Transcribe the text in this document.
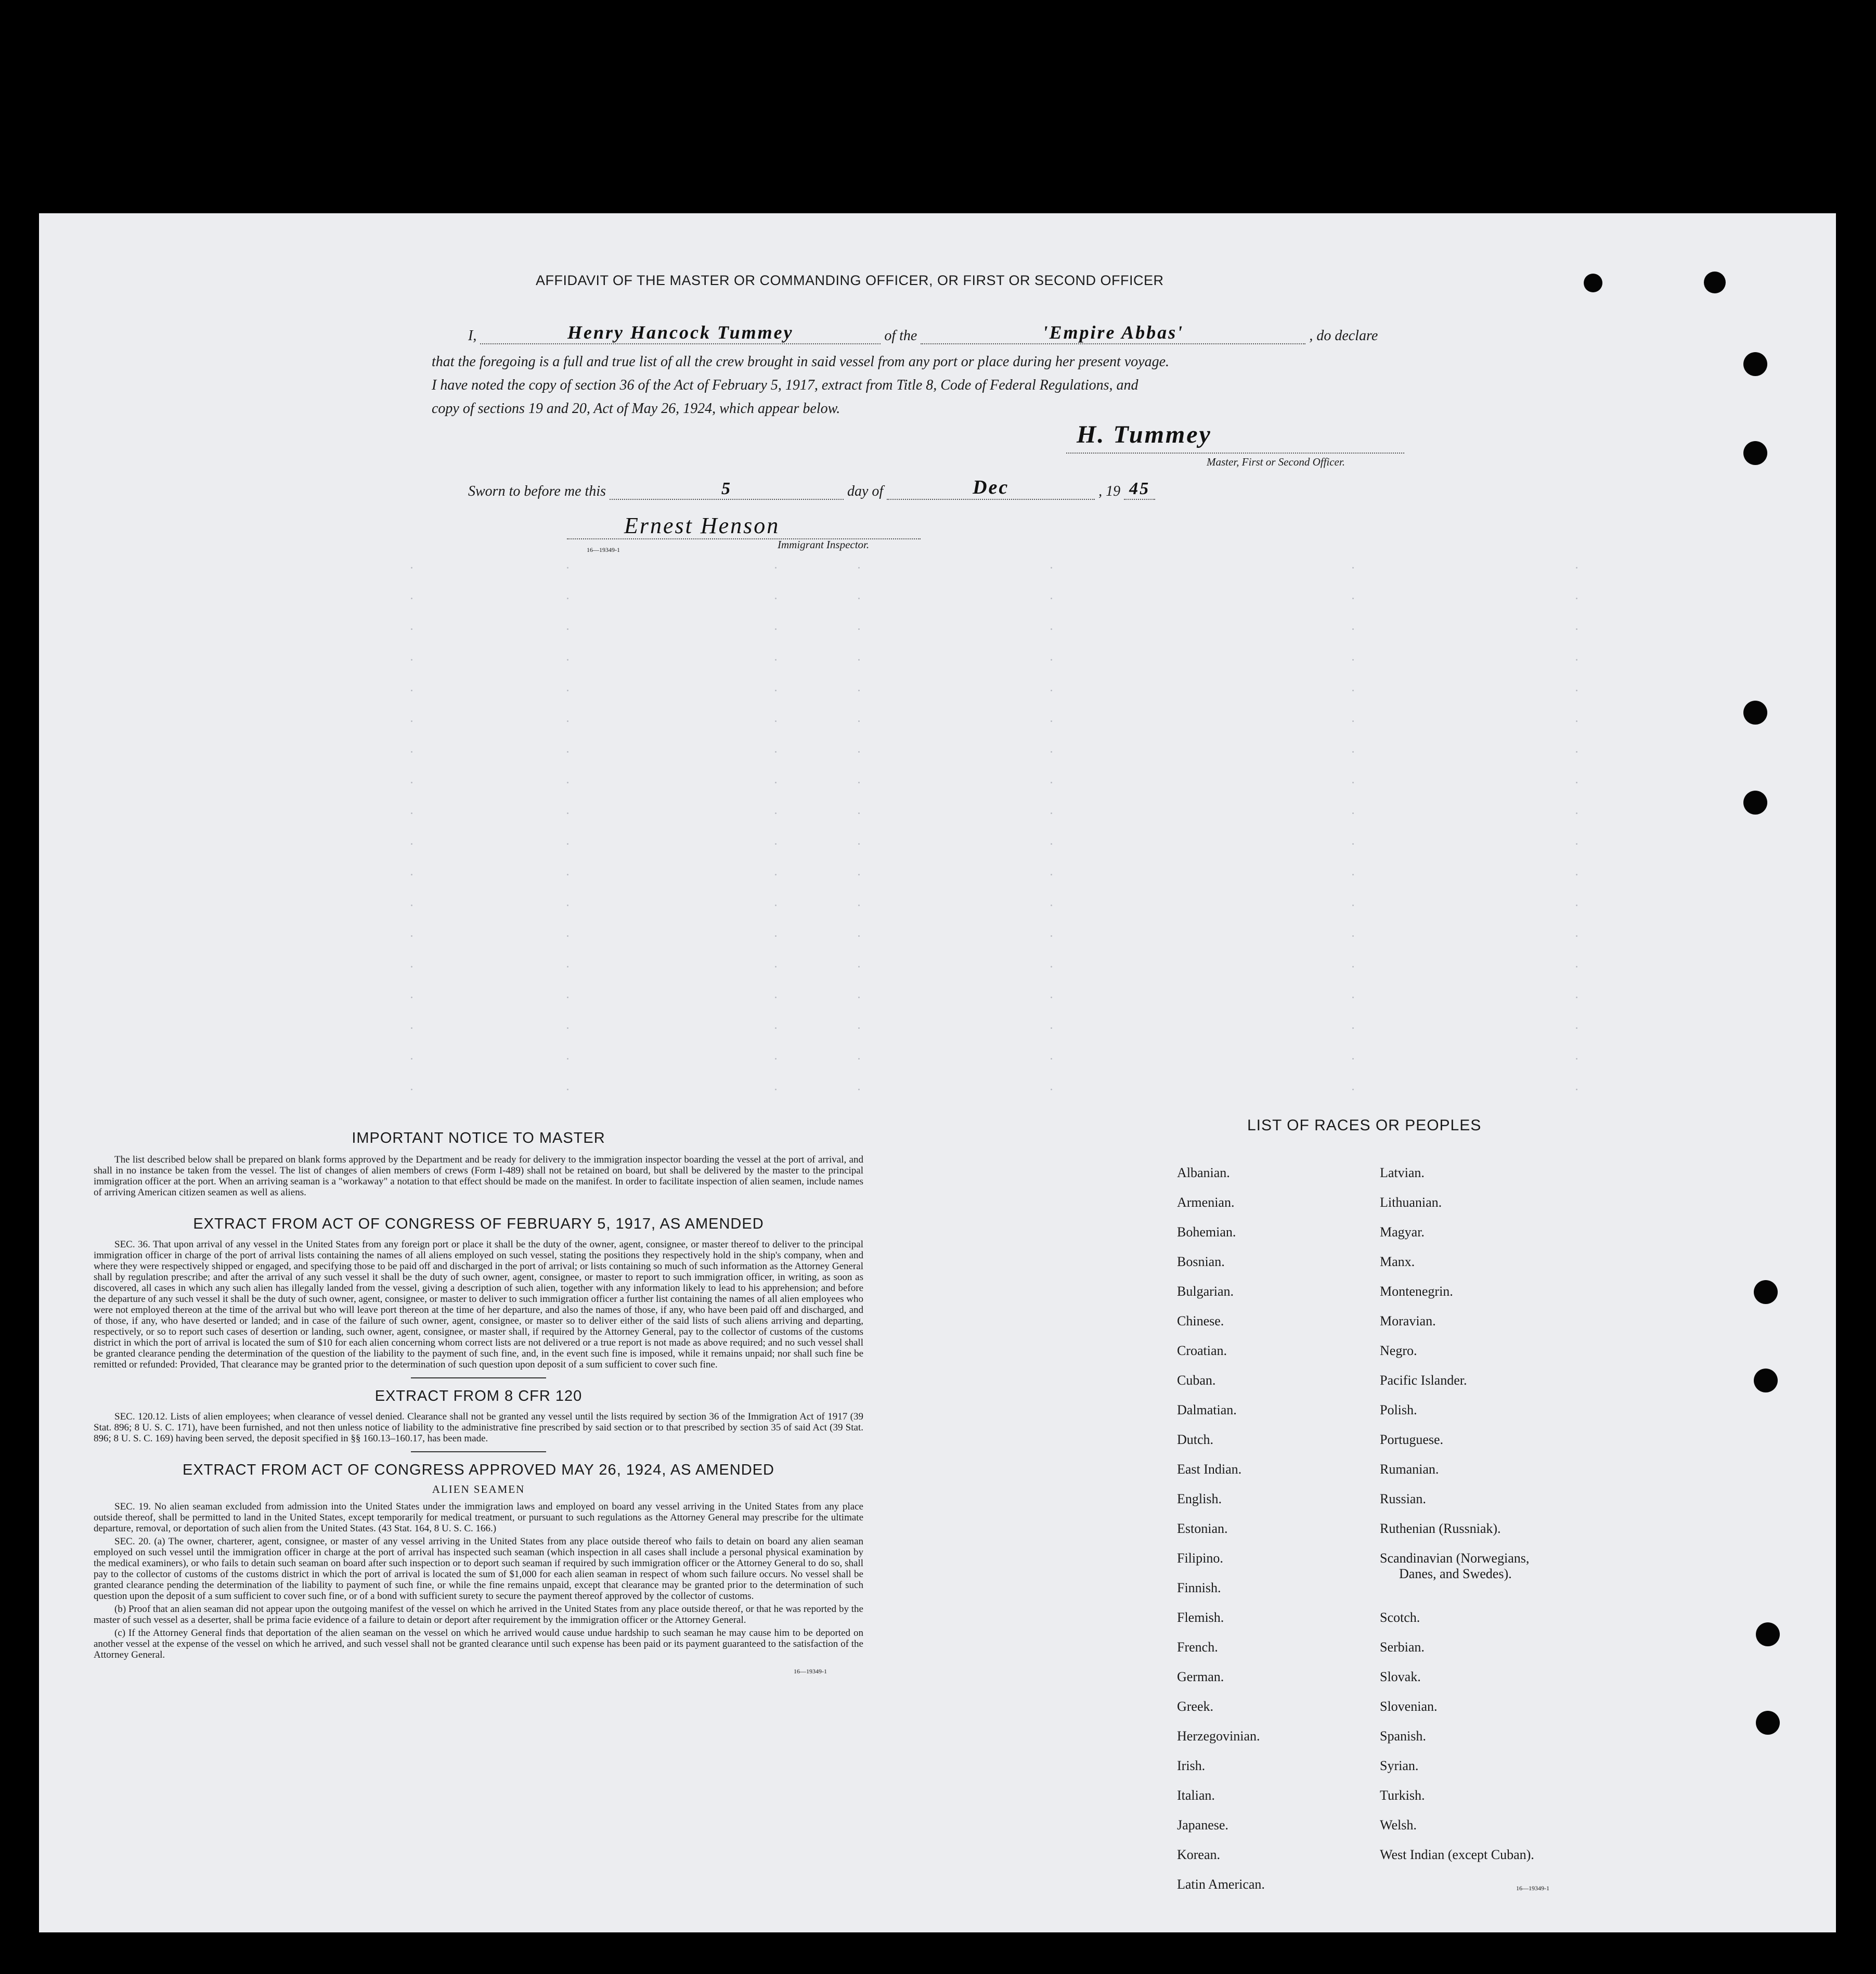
AFFIDAVIT OF THE MASTER OR COMMANDING OFFICER, OR FIRST OR SECOND OFFICER
I,	Henry Hancock Tummey	of the	'Empire Abbas'	, do declare
that the foregoing is a full and true list of all the crew brought in said vessel from any port or place during her present voyage.
I have noted the copy of section 36 of the Act of February 5, 1917, extract from Title 8, Code of Federal Regulations, and
copy of sections 19 and 20, Act of May 26, 1924, which appear below.
H. Tummey
Master, First or Second Officer.
Sworn to before me this	5	day of	Dec	, 19 45
Ernest Henson
16—19349-1	Immigrant Inspector.
IMPORTANT NOTICE TO MASTER

The list described below shall be prepared on blank forms approved by the Department and be ready for delivery to the immigration inspector boarding the vessel at the port of arrival, and shall in no instance be taken from the vessel. The list of changes of alien members of crews (Form I-489) shall not be retained on board, but shall be delivered by the master to the principal immigration officer at the port. When an arriving seaman is a "workaway" a notation to that effect should be made on the manifest. In order to facilitate inspection of alien seamen, include names of arriving American citizen seamen as well as aliens.

EXTRACT FROM ACT OF CONGRESS OF FEBRUARY 5, 1917, AS AMENDED

SEC. 36. That upon arrival of any vessel in the United States from any foreign port or place it shall be the duty of the owner, agent, consignee, or master thereof to deliver to the principal immigration officer in charge of the port of arrival lists containing the names of all aliens employed on such vessel, stating the positions they respectively hold in the ship's company, when and where they were respectively shipped or engaged, and specifying those to be paid off and discharged in the port of arrival; or lists containing so much of such information as the Attorney General shall by regulation prescribe; and after the arrival of any such vessel it shall be the duty of such owner, agent, consignee, or master to report to such immigration officer, in writing, as soon as discovered, all cases in which any such alien has illegally landed from the vessel, giving a description of such alien, together with any information likely to lead to his apprehension; and before the departure of any such vessel it shall be the duty of such owner, agent, consignee, or master to deliver to such immigration officer a further list containing the names of all alien employees who were not employed thereon at the time of the arrival but who will leave port thereon at the time of her departure, and also the names of those, if any, who have been paid off and discharged, and of those, if any, who have deserted or landed; and in case of the failure of such owner, agent, consignee, or master so to deliver either of the said lists of such aliens arriving and departing, respectively, or so to report such cases of desertion or landing, such owner, agent, consignee, or master shall, if required by the Attorney General, pay to the collector of customs of the customs district in which the port of arrival is located the sum of $10 for each alien concerning whom correct lists are not delivered or a true report is not made as above required; and no such vessel shall be granted clearance pending the determination of the question of the liability to the payment of such fine, and, in the event such fine is imposed, while it remains unpaid; nor shall such fine be remitted or refunded: Provided, That clearance may be granted prior to the determination of such question upon deposit of a sum sufficient to cover such fine.

EXTRACT FROM 8 CFR 120

SEC. 120.12. Lists of alien employees; when clearance of vessel denied. Clearance shall not be granted any vessel until the lists required by section 36 of the Immigration Act of 1917 (39 Stat. 896; 8 U. S. C. 171), have been furnished, and not then unless notice of liability to the administrative fine prescribed by said section or to that prescribed by section 35 of said Act (39 Stat. 896; 8 U. S. C. 169) having been served, the deposit specified in §§ 160.13–160.17, has been made.

EXTRACT FROM ACT OF CONGRESS APPROVED MAY 26, 1924, AS AMENDED
ALIEN SEAMEN

SEC. 19. No alien seaman excluded from admission into the United States under the immigration laws and employed on board any vessel arriving in the United States from any place outside thereof, shall be permitted to land in the United States, except temporarily for medical treatment, or pursuant to such regulations as the Attorney General may prescribe for the ultimate departure, removal, or deportation of such alien from the United States. (43 Stat. 164, 8 U. S. C. 166.)

SEC. 20. (a) The owner, charterer, agent, consignee, or master of any vessel arriving in the United States from any place outside thereof who fails to detain on board any alien seaman employed on such vessel until the immigration officer in charge at the port of arrival has inspected such seaman (which inspection in all cases shall include a personal physical examination by the medical examiners), or who fails to detain such seaman on board after such inspection or to deport such seaman if required by such immigration officer or the Attorney General to do so, shall pay to the collector of customs of the customs district in which the port of arrival is located the sum of $1,000 for each alien seaman in respect of whom such failure occurs. No vessel shall be granted clearance pending the determination of the liability to payment of such fine, or while the fine remains unpaid, except that clearance may be granted prior to the determination of such question upon the deposit of a sum sufficient to cover such fine, or of a bond with sufficient surety to secure the payment thereof approved by the collector of customs.

(b) Proof that an alien seaman did not appear upon the outgoing manifest of the vessel on which he arrived in the United States from any place outside thereof, or that he was reported by the master of such vessel as a deserter, shall be prima facie evidence of a failure to detain or deport after requirement by the immigration officer or the Attorney General.

(c) If the Attorney General finds that deportation of the alien seaman on the vessel on which he arrived would cause undue hardship to such seaman he may cause him to be deported on another vessel at the expense of the vessel on which he arrived, and such vessel shall not be granted clearance until such expense has been paid or its payment guaranteed to the satisfaction of the Attorney General.

16—19349-1
LIST OF RACES OR PEOPLES
Albanian.
Armenian.
Bohemian.
Bosnian.
Bulgarian.
Chinese.
Croatian.
Cuban.
Dalmatian.
Dutch.
East Indian.
English.
Estonian.
Filipino.
Finnish.
Flemish.
French.
German.
Greek.
Herzegovinian.
Irish.
Italian.
Japanese.
Korean.
Latin American.
Latvian.
Lithuanian.
Magyar.
Manx.
Montenegrin.
Moravian.
Negro.
Pacific Islander.
Polish.
Portuguese.
Rumanian.
Russian.
Ruthenian (Russniak).
Scandinavian (Norwegians,
Danes, and Swedes).
Scotch.
Serbian.
Slovak.
Slovenian.
Spanish.
Syrian.
Turkish.
Welsh.
West Indian (except Cuban).
16—19349-1
